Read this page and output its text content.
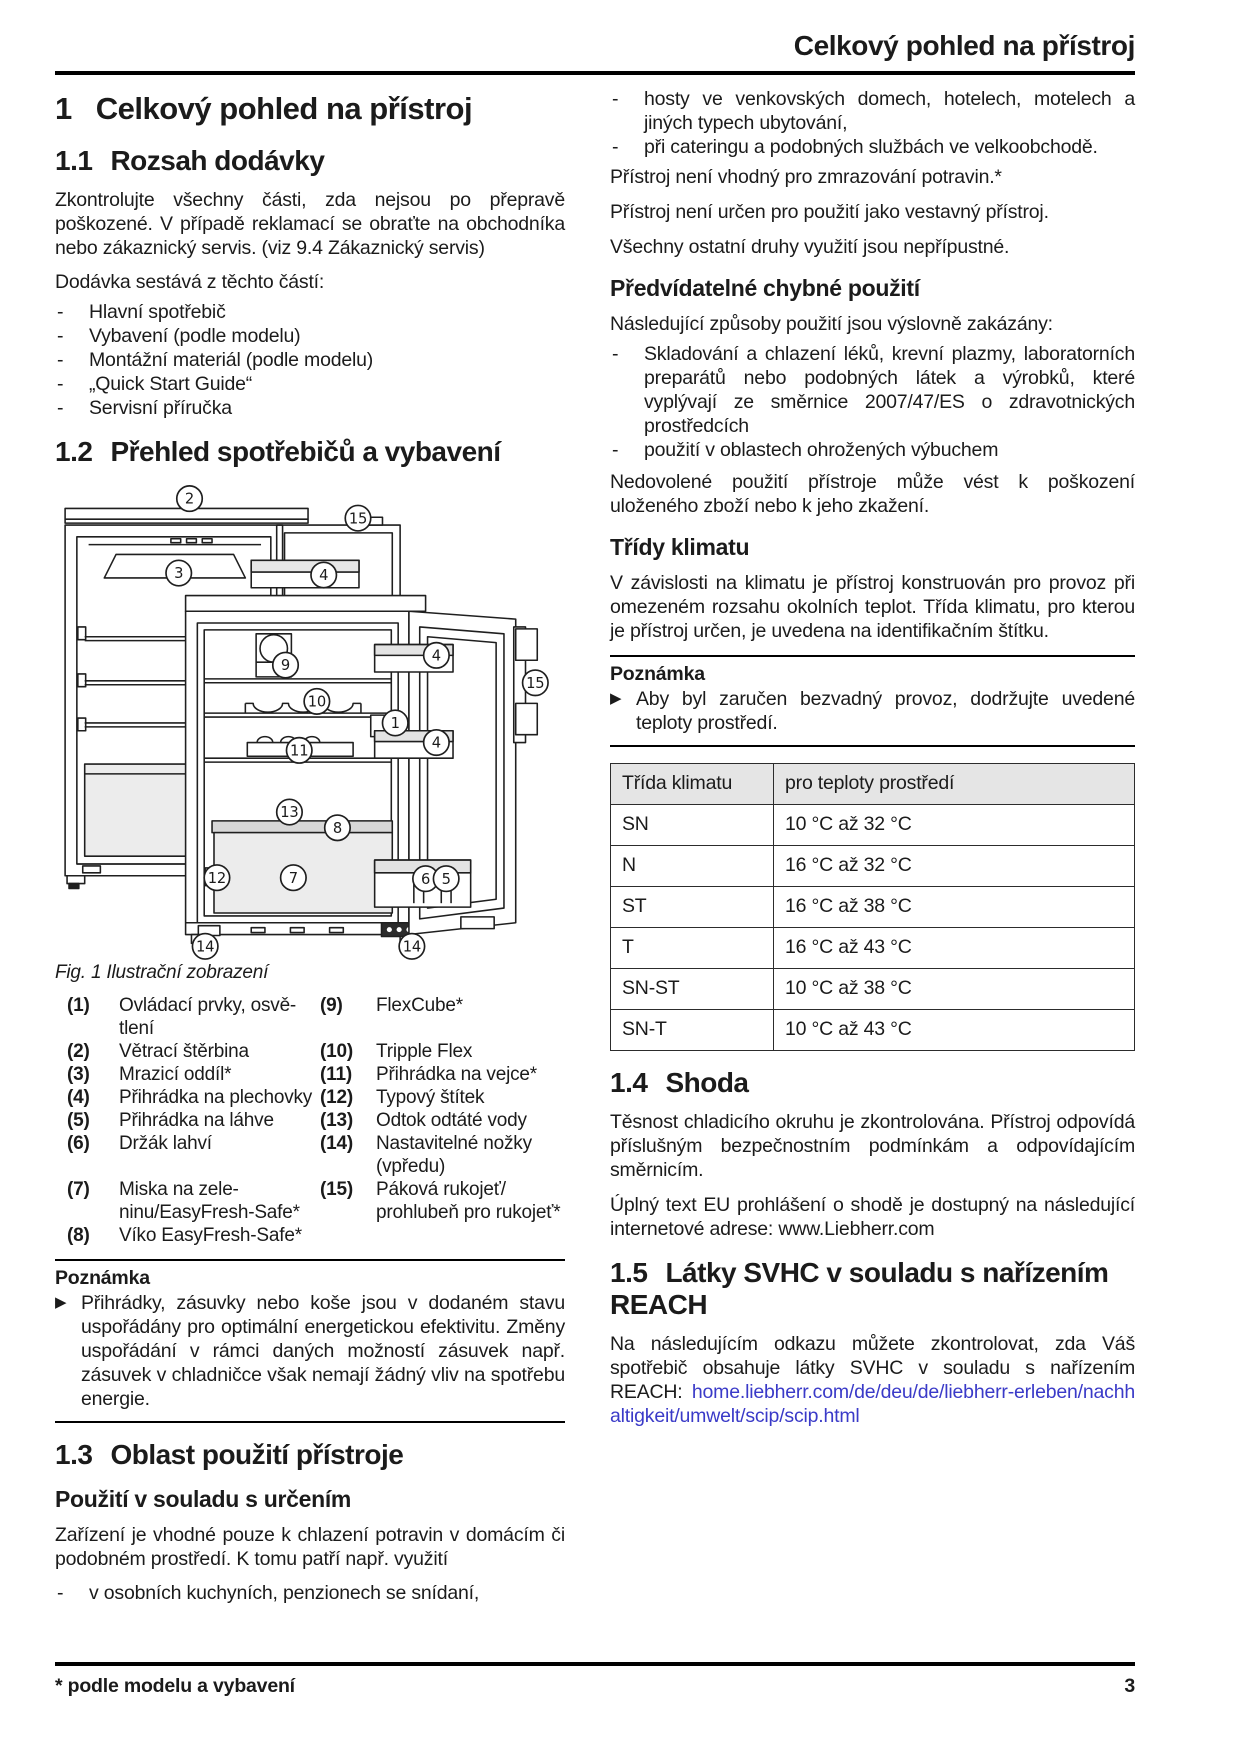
Celkový pohled na přístroj
1 Celkový pohled na přístroj
1.1 Rozsah dodávky

Zkontrolujte všechny části, zda nejsou po přepravě poškozené. V případě reklamací se obraťte na obchodníka nebo zákaznický servis. (viz 9.4 Zákaznický servis)

Dodávka sestává z těchto částí:

-	Hlavní spotřebič
-	Vybavení (podle modelu)
-	Montážní materiál (podle modelu)
-	„Quick Start Guide“
-	Servisní příručka
1.2 Přehled spotřebičů a vybavení
2
15
3	4
9
4
15
10
1
4
11
13
8
12	7	6 5
14	14
Fig. 1 Ilustrační zobrazení
(1)	Ovládací prvky, osvě-
tlení
(2)	Větrací štěrbina
(3)	Mrazicí oddíl*
(4)	Přihrádka na plechovky
(5)	Přihrádka na láhve
(6)	Držák lahví
(7)	Miska na zele-
ninu/EasyFresh-Safe*
(8)	Víko EasyFresh-Safe*
(9)	FlexCube*
(10)	Tripple Flex
(11)	Přihrádka na vejce*
(12)	Typový štítek
(13)	Odtok odtáté vody
(14)	Nastavitelné nožky
(vpředu)
(15)	Páková rukojeť/
prohlubeň pro rukojeť*
Poznámka
▶ Přihrádky, zásuvky nebo koše jsou v dodaném stavu uspořádány pro optimální energetickou efektivitu. Změny uspořádání v rámci daných možností zásuvek např. zásuvek v chladničce však nemají žádný vliv na spotřebu energie.
1.3 Oblast použití přístroje
Použití v souladu s určením

Zařízení je vhodné pouze k chlazení potravin v domácím či podobném prostředí. K tomu patří např. využití

-	v osobních kuchyních, penzionech se snídaní,
-	hosty ve venkovských domech, hotelech, motelech a jiných typech ubytování,
-	při cateringu a podobných službách ve velkoobchodě.

Přístroj není vhodný pro zmrazování potravin.*

Přístroj není určen pro použití jako vestavný přístroj.

Všechny ostatní druhy využití jsou nepřípustné.

Předvídatelné chybné použití

Následující způsoby použití jsou výslovně zakázány:

-	Skladování a chlazení léků, krevní plazmy, laboratorních preparátů nebo podobných látek a výrobků, které vyplývají ze směrnice 2007/47/ES o zdravotnických prostředcích
-	použití v oblastech ohrožených výbuchem

Nedovolené použití přístroje může vést k poškození uloženého zboží nebo k jeho zkažení.

Třídy klimatu

V závislosti na klimatu je přístroj konstruován pro provoz při omezeném rozsahu okolních teplot. Třída klimatu, pro kterou je přístroj určen, je uvedena na identifikačním štítku.

Poznámka
▶ Aby byl zaručen bezvadný provoz, dodržujte uvedené teploty prostředí.
Třída klimatu	pro teploty prostředí
SN	10 °C až 32 °C
N	16 °C až 32 °C
ST	16 °C až 38 °C
T	16 °C až 43 °C
SN-ST	10 °C až 38 °C
SN-T	10 °C až 43 °C
1.4 Shoda

Těsnost chladicího okruhu je zkontrolována. Přístroj odpovídá příslušným bezpečnostním podmínkám a odpovídajícím směrnicím.

Úplný text EU prohlášení o shodě je dostupný na následující internetové adrese: www.Liebherr.com

1.5 Látky SVHC v souladu s nařízením REACH

Na následujícím odkazu můžete zkontrolovat, zda Váš spotřebič obsahuje látky SVHC v souladu s nařízením REACH: home.liebherr.com/de/deu/de/liebherr-erleben/nachhaltigkeit/umwelt/scip/scip.html

* podle modelu a vybavení	3
